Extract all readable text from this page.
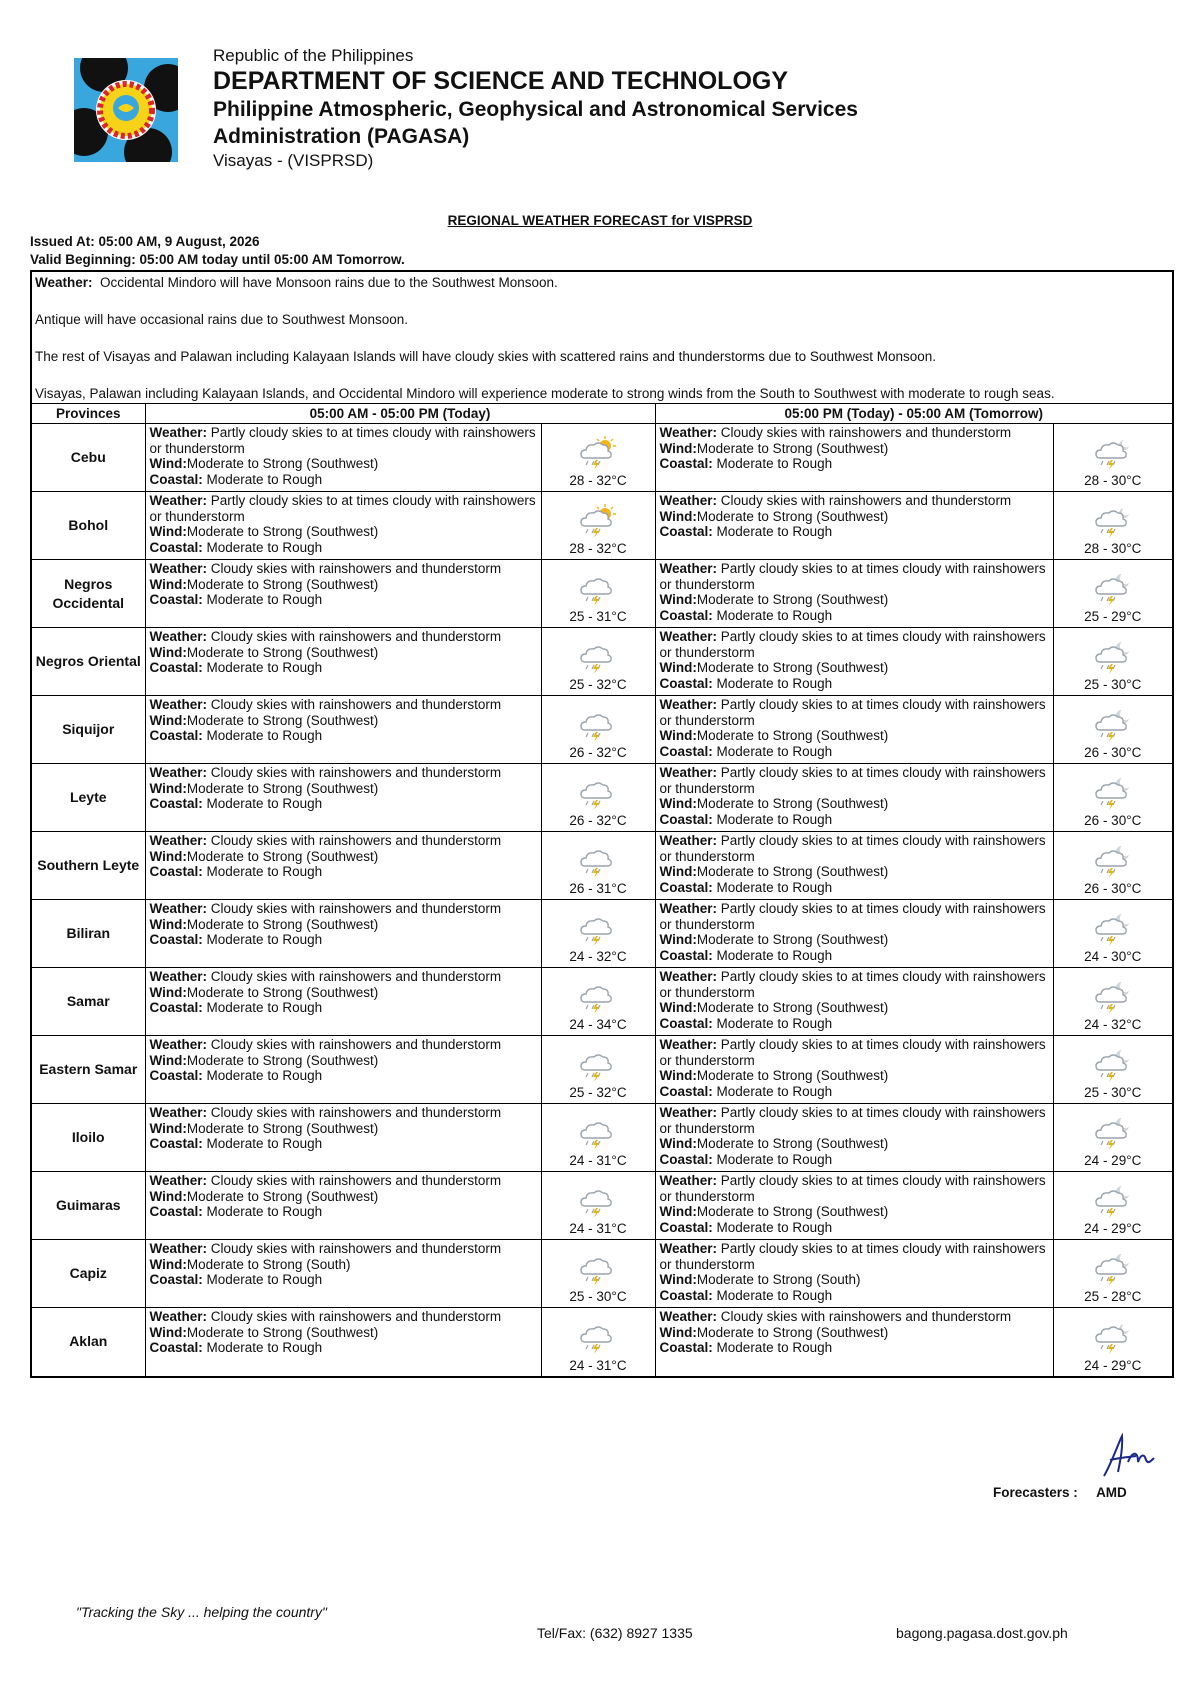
Republic of the Philippines
DEPARTMENT OF SCIENCE AND TECHNOLOGY
Philippine Atmospheric, Geophysical and Astronomical Services
Administration (PAGASA)
Visayas - (VISPRSD)
REGIONAL WEATHER FORECAST for VISPRSD
Issued At: 05:00 AM, 9 August, 2026
Valid Beginning: 05:00 AM today until 05:00 AM Tomorrow.

Weather: Occidental Mindoro will have Monsoon rains due to the Southwest Monsoon.

Antique will have occasional rains due to Southwest Monsoon.

The rest of Visayas and Palawan including Kalayaan Islands will have cloudy skies with scattered rains and thunderstorms due to Southwest Monsoon.

Visayas, Palawan including Kalayaan Islands, and Occidental Mindoro will experience moderate to strong winds from the South to Southwest with moderate to rough seas.

Provinces	05:00 AM - 05:00 PM (Today)		05:00 PM (Today) - 05:00 AM (Tomorrow)	
Cebu	Weather: Partly cloudy skies to at times cloudy with rainshowers or thunderstorm
Wind:Moderate to Strong (Southwest)
Coastal: Moderate to Rough	28 - 32°C	Weather: Cloudy skies with rainshowers and thunderstorm
Wind:Moderate to Strong (Southwest)
Coastal: Moderate to Rough	28 - 30°C

Bohol	Weather: Partly cloudy skies to at times cloudy with rainshowers or thunderstorm
Wind:Moderate to Strong (Southwest)
Coastal: Moderate to Rough	28 - 32°C	Weather: Cloudy skies with rainshowers and thunderstorm
Wind:Moderate to Strong (Southwest)
Coastal: Moderate to Rough	28 - 30°C

Negros Occidental	Weather: Cloudy skies with rainshowers and thunderstorm
Wind:Moderate to Strong (Southwest)
Coastal: Moderate to Rough	25 - 31°C	Weather: Partly cloudy skies to at times cloudy with rainshowers or thunderstorm
Wind:Moderate to Strong (Southwest)
Coastal: Moderate to Rough	25 - 29°C

Negros Oriental	Weather: Cloudy skies with rainshowers and thunderstorm
Wind:Moderate to Strong (Southwest)
Coastal: Moderate to Rough	25 - 32°C	Weather: Partly cloudy skies to at times cloudy with rainshowers or thunderstorm
Wind:Moderate to Strong (Southwest)
Coastal: Moderate to Rough	25 - 30°C

Siquijor	Weather: Cloudy skies with rainshowers and thunderstorm
Wind:Moderate to Strong (Southwest)
Coastal: Moderate to Rough	26 - 32°C	Weather: Partly cloudy skies to at times cloudy with rainshowers or thunderstorm
Wind:Moderate to Strong (Southwest)
Coastal: Moderate to Rough	26 - 30°C

Leyte	Weather: Cloudy skies with rainshowers and thunderstorm
Wind:Moderate to Strong (Southwest)
Coastal: Moderate to Rough	26 - 32°C	Weather: Partly cloudy skies to at times cloudy with rainshowers or thunderstorm
Wind:Moderate to Strong (Southwest)
Coastal: Moderate to Rough	26 - 30°C

Southern Leyte	Weather: Cloudy skies with rainshowers and thunderstorm
Wind:Moderate to Strong (Southwest)
Coastal: Moderate to Rough	26 - 31°C	Weather: Partly cloudy skies to at times cloudy with rainshowers or thunderstorm
Wind:Moderate to Strong (Southwest)
Coastal: Moderate to Rough	26 - 30°C

Biliran	Weather: Cloudy skies with rainshowers and thunderstorm
Wind:Moderate to Strong (Southwest)
Coastal: Moderate to Rough	24 - 32°C	Weather: Partly cloudy skies to at times cloudy with rainshowers or thunderstorm
Wind:Moderate to Strong (Southwest)
Coastal: Moderate to Rough	24 - 30°C

Samar	Weather: Cloudy skies with rainshowers and thunderstorm
Wind:Moderate to Strong (Southwest)
Coastal: Moderate to Rough	24 - 34°C	Weather: Partly cloudy skies to at times cloudy with rainshowers or thunderstorm
Wind:Moderate to Strong (Southwest)
Coastal: Moderate to Rough	24 - 32°C

Eastern Samar	Weather: Cloudy skies with rainshowers and thunderstorm
Wind:Moderate to Strong (Southwest)
Coastal: Moderate to Rough	25 - 32°C	Weather: Partly cloudy skies to at times cloudy with rainshowers or thunderstorm
Wind:Moderate to Strong (Southwest)
Coastal: Moderate to Rough	25 - 30°C

Iloilo	Weather: Cloudy skies with rainshowers and thunderstorm
Wind:Moderate to Strong (Southwest)
Coastal: Moderate to Rough	24 - 31°C	Weather: Partly cloudy skies to at times cloudy with rainshowers or thunderstorm
Wind:Moderate to Strong (Southwest)
Coastal: Moderate to Rough	24 - 29°C

Guimaras	Weather: Cloudy skies with rainshowers and thunderstorm
Wind:Moderate to Strong (Southwest)
Coastal: Moderate to Rough	24 - 31°C	Weather: Partly cloudy skies to at times cloudy with rainshowers or thunderstorm
Wind:Moderate to Strong (Southwest)
Coastal: Moderate to Rough	24 - 29°C

Capiz	Weather: Cloudy skies with rainshowers and thunderstorm
Wind:Moderate to Strong (South)
Coastal: Moderate to Rough	25 - 30°C	Weather: Partly cloudy skies to at times cloudy with rainshowers or thunderstorm
Wind:Moderate to Strong (South)
Coastal: Moderate to Rough	25 - 28°C

Aklan	Weather: Cloudy skies with rainshowers and thunderstorm
Wind:Moderate to Strong (Southwest)
Coastal: Moderate to Rough	24 - 31°C	Weather: Cloudy skies with rainshowers and thunderstorm
Wind:Moderate to Strong (Southwest)
Coastal: Moderate to Rough	24 - 29°C
Forecasters : AMD
"Tracking the Sky ... helping the country"
Tel/Fax: (632) 8927 1335	bagong.pagasa.dost.gov.ph
